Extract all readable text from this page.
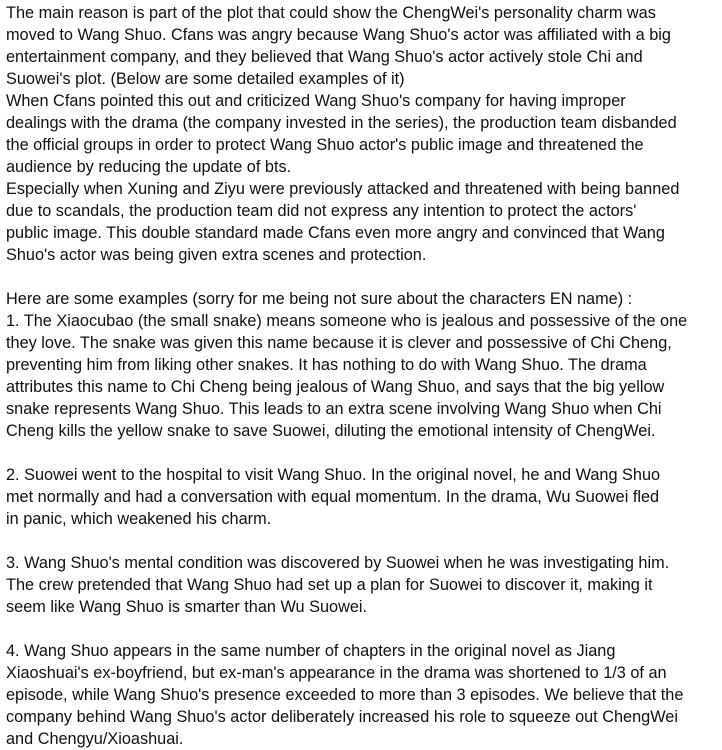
The main reason is part of the plot that could show the ChengWei's personality charm was

moved to Wang Shuo. Cfans was angry because Wang Shuo's actor was affiliated with a big

entertainment company, and they believed that Wang Shuo's actor actively stole Chi and

Suowei's plot. (Below are some detailed examples of it)

When Cfans pointed this out and criticized Wang Shuo's company for having improper

dealings with the drama (the company invested in the series), the production team disbanded

the official groups in order to protect Wang Shuo actor's public image and threatened the

audience by reducing the update of bts.

Especially when Xuning and Ziyu were previously attacked and threatened with being banned

due to scandals, the production team did not express any intention to protect the actors'

public image. This double standard made Cfans even more angry and convinced that Wang

Shuo's actor was being given extra scenes and protection.

Here are some examples (sorry for me being not sure about the characters EN name) :

1. The Xiaocubao (the small snake) means someone who is jealous and possessive of the one

they love. The snake was given this name because it is clever and possessive of Chi Cheng,

preventing him from liking other snakes. It has nothing to do with Wang Shuo. The drama

attributes this name to Chi Cheng being jealous of Wang Shuo, and says that the big yellow

snake represents Wang Shuo. This leads to an extra scene involving Wang Shuo when Chi

Cheng kills the yellow snake to save Suowei, diluting the emotional intensity of ChengWei.

2. Suowei went to the hospital to visit Wang Shuo. In the original novel, he and Wang Shuo

met normally and had a conversation with equal momentum. In the drama, Wu Suowei fled

in panic, which weakened his charm.

3. Wang Shuo's mental condition was discovered by Suowei when he was investigating him.

The crew pretended that Wang Shuo had set up a plan for Suowei to discover it, making it

seem like Wang Shuo is smarter than Wu Suowei.

4. Wang Shuo appears in the same number of chapters in the original novel as Jiang

Xiaoshuai's ex-boyfriend, but ex-man's appearance in the drama was shortened to 1/3 of an

episode, while Wang Shuo's presence exceeded to more than 3 episodes. We believe that the

company behind Wang Shuo's actor deliberately increased his role to squeeze out ChengWei

and Chengyu/Xioashuai.
